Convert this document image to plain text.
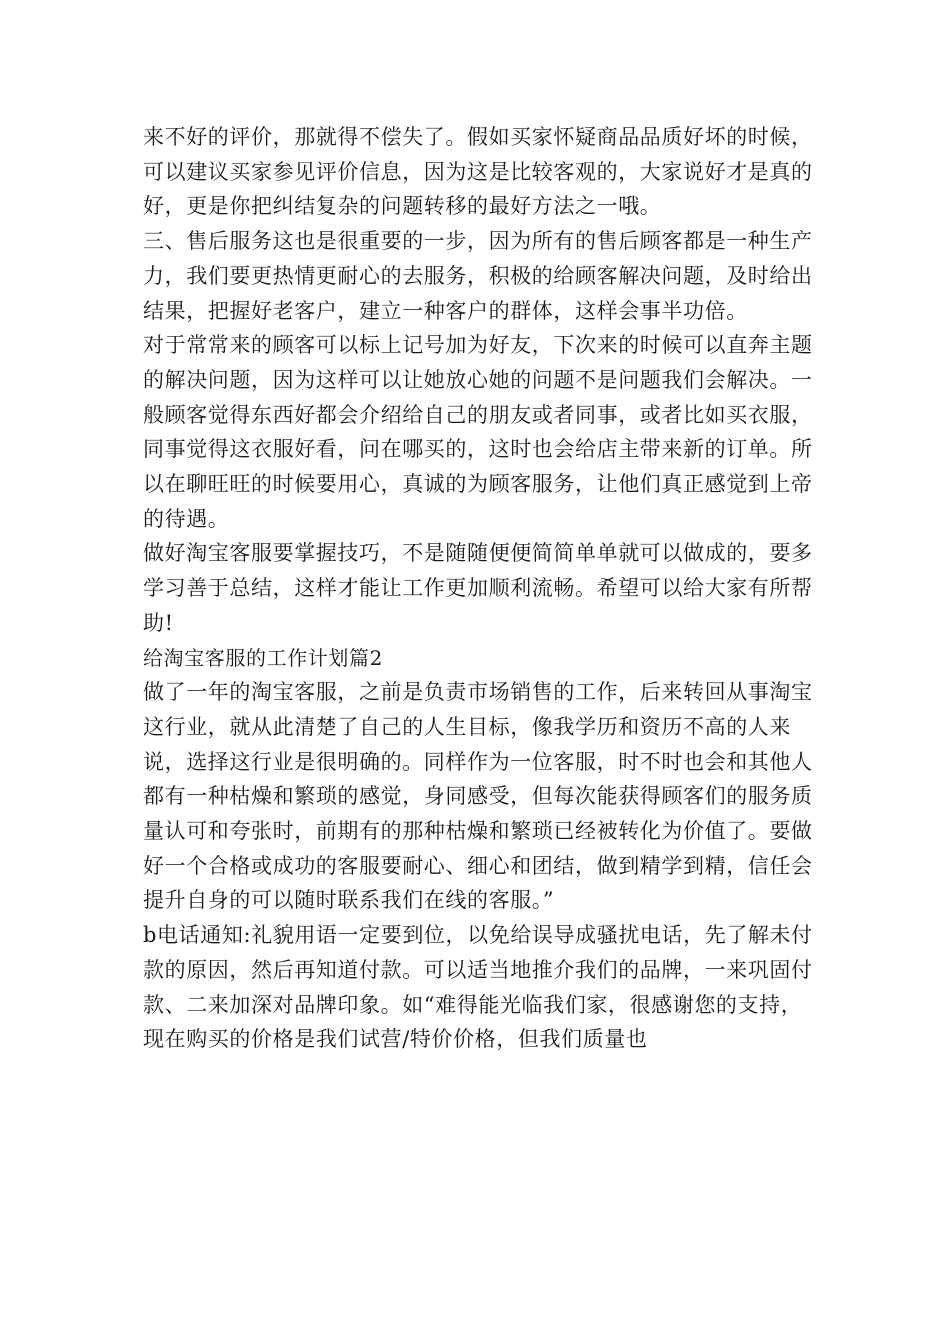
来不好的评价，那就得不偿失了。假如买家怀疑商品品质好坏的时候，可以建议买家参见评价信息，因为这是比较客观的，大家说好才是真的好，更是你把纠结复杂的问题转移的最好方法之一哦。

三、售后服务这也是很重要的一步，因为所有的售后顾客都是一种生产力，我们要更热情更耐心的去服务，积极的给顾客解决问题，及时给出结果，把握好老客户，建立一种客户的群体，这样会事半功倍。

对于常常来的顾客可以标上记号加为好友，下次来的时候可以直奔主题的解决问题，因为这样可以让她放心她的问题不是问题我们会解决。一般顾客觉得东西好都会介绍给自己的朋友或者同事，或者比如买衣服，同事觉得这衣服好看，问在哪买的，这时也会给店主带来新的订单。所以在聊旺旺的时候要用心，真诚的为顾客服务，让他们真正感觉到上帝的待遇。

做好淘宝客服要掌握技巧，不是随随便便简简单单就可以做成的，要多学习善于总结，这样才能让工作更加顺利流畅。希望可以给大家有所帮助!

给淘宝客服的工作计划篇2

做了一年的淘宝客服，之前是负责市场销售的工作，后来转回从事淘宝这行业，就从此清楚了自己的人生目标，像我学历和资历不高的人来说，选择这行业是很明确的。同样作为一位客服，时不时也会和其他人都有一种枯燥和繁琐的感觉，身同感受，但每次能获得顾客们的服务质量认可和夸张时，前期有的那种枯燥和繁琐已经被转化为价值了。要做好一个合格或成功的客服要耐心、细心和团结，做到精学到精，信任会提升自身的可以随时联系我们在线的客服。”

b电话通知:礼貌用语一定要到位，以免给误导成骚扰电话，先了解未付款的原因，然后再知道付款。可以适当地推介我们的品牌，一来巩固付款、二来加深对品牌印象。如“难得能光临我们家，很感谢您的支持，现在购买的价格是我们试营/特价价格，但我们质量也
